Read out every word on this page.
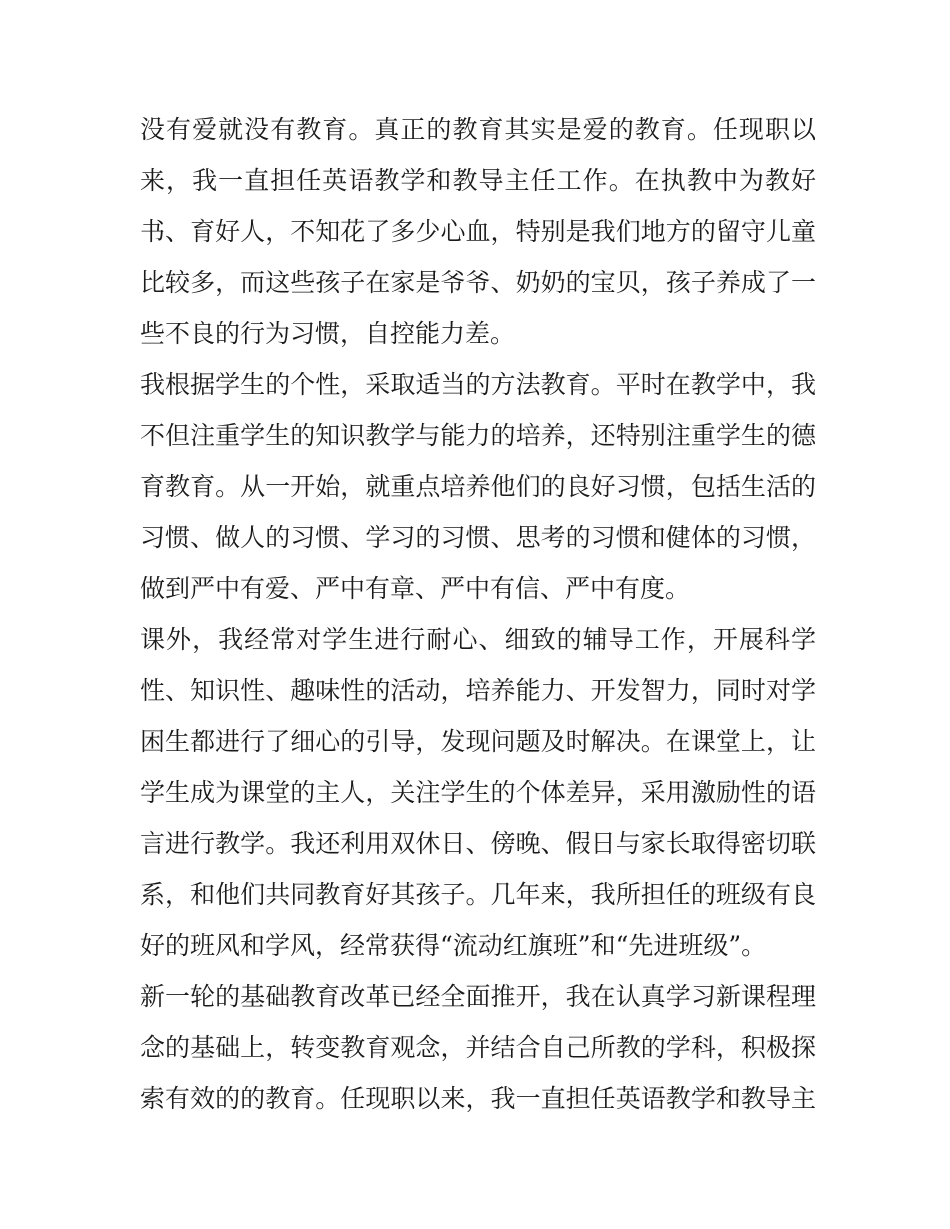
没有爱就没有教育。真正的教育其实是爱的教育。任现职以
来，我一直担任英语教学和教导主任工作。在执教中为教好
书、育好人，不知花了多少心血，特别是我们地方的留守儿童
比较多，而这些孩子在家是爷爷、奶奶的宝贝，孩子养成了一
些不良的行为习惯，自控能力差。
我根据学生的个性，采取适当的方法教育。平时在教学中，我
不但注重学生的知识教学与能力的培养，还特别注重学生的德
育教育。从一开始，就重点培养他们的良好习惯，包括生活的
习惯、做人的习惯、学习的习惯、思考的习惯和健体的习惯，
做到严中有爱、严中有章、严中有信、严中有度。
课外，我经常对学生进行耐心、细致的辅导工作，开展科学
性、知识性、趣味性的活动，培养能力、开发智力，同时对学
困生都进行了细心的引导，发现问题及时解决。在课堂上，让
学生成为课堂的主人，关注学生的个体差异，采用激励性的语
言进行教学。我还利用双休日、傍晚、假日与家长取得密切联
系，和他们共同教育好其孩子。几年来，我所担任的班级有良
好的班风和学风，经常获得“流动红旗班”和“先进班级”。
新一轮的基础教育改革已经全面推开，我在认真学习新课程理
念的基础上，转变教育观念，并结合自己所教的学科，积极探
索有效的的教育。任现职以来，我一直担任英语教学和教导主
